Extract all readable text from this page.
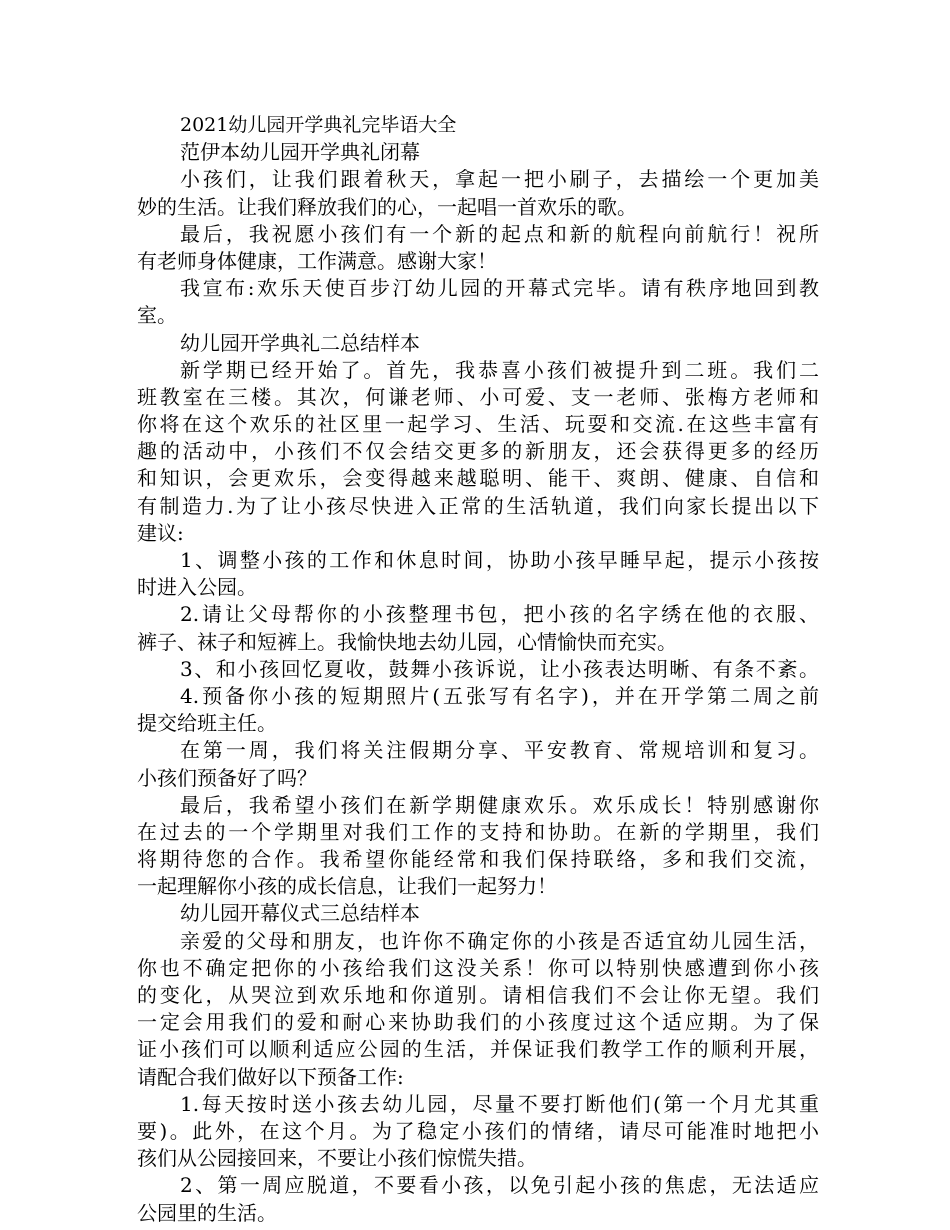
2021幼儿园开学典礼完毕语大全
范伊本幼儿园开学典礼闭幕
小孩们，让我们跟着秋天，拿起一把小刷子，去描绘一个更加美
妙的生活。让我们释放我们的心，一起唱一首欢乐的歌。
最后，我祝愿小孩们有一个新的起点和新的航程向前航行！祝所
有老师身体健康，工作满意。感谢大家！
我宣布:欢乐天使百步汀幼儿园的开幕式完毕。请有秩序地回到教
室。
幼儿园开学典礼二总结样本
新学期已经开始了。首先，我恭喜小孩们被提升到二班。我们二
班教室在三楼。其次，何谦老师、小可爱、支一老师、张梅方老师和
你将在这个欢乐的社区里一起学习、生活、玩耍和交流.在这些丰富有
趣的活动中，小孩们不仅会结交更多的新朋友，还会获得更多的经历
和知识，会更欢乐，会变得越来越聪明、能干、爽朗、健康、自信和
有制造力.为了让小孩尽快进入正常的生活轨道，我们向家长提出以下
建议:
1、调整小孩的工作和休息时间，协助小孩早睡早起，提示小孩按
时进入公园。
2.请让父母帮你的小孩整理书包，把小孩的名字绣在他的衣服、
裤子、袜子和短裤上。我愉快地去幼儿园，心情愉快而充实。
3、和小孩回忆夏收，鼓舞小孩诉说，让小孩表达明晰、有条不紊。
4.预备你小孩的短期照片(五张写有名字)，并在开学第二周之前
提交给班主任。
在第一周，我们将关注假期分享、平安教育、常规培训和复习。
小孩们预备好了吗？
最后，我希望小孩们在新学期健康欢乐。欢乐成长！特别感谢你
在过去的一个学期里对我们工作的支持和协助。在新的学期里，我们
将期待您的合作。我希望你能经常和我们保持联络，多和我们交流，
一起理解你小孩的成长信息，让我们一起努力！
幼儿园开幕仪式三总结样本
亲爱的父母和朋友，也许你不确定你的小孩是否适宜幼儿园生活，
你也不确定把你的小孩给我们这没关系！你可以特别快感遭到你小孩
的变化，从哭泣到欢乐地和你道别。请相信我们不会让你无望。我们
一定会用我们的爱和耐心来协助我们的小孩度过这个适应期。为了保
证小孩们可以顺利适应公园的生活，并保证我们教学工作的顺利开展，
请配合我们做好以下预备工作:
1.每天按时送小孩去幼儿园，尽量不要打断他们(第一个月尤其重
要)。此外，在这个月。为了稳定小孩们的情绪，请尽可能准时地把小
孩们从公园接回来，不要让小孩们惊慌失措。
2、第一周应脱道，不要看小孩，以免引起小孩的焦虑，无法适应
公园里的生活。
